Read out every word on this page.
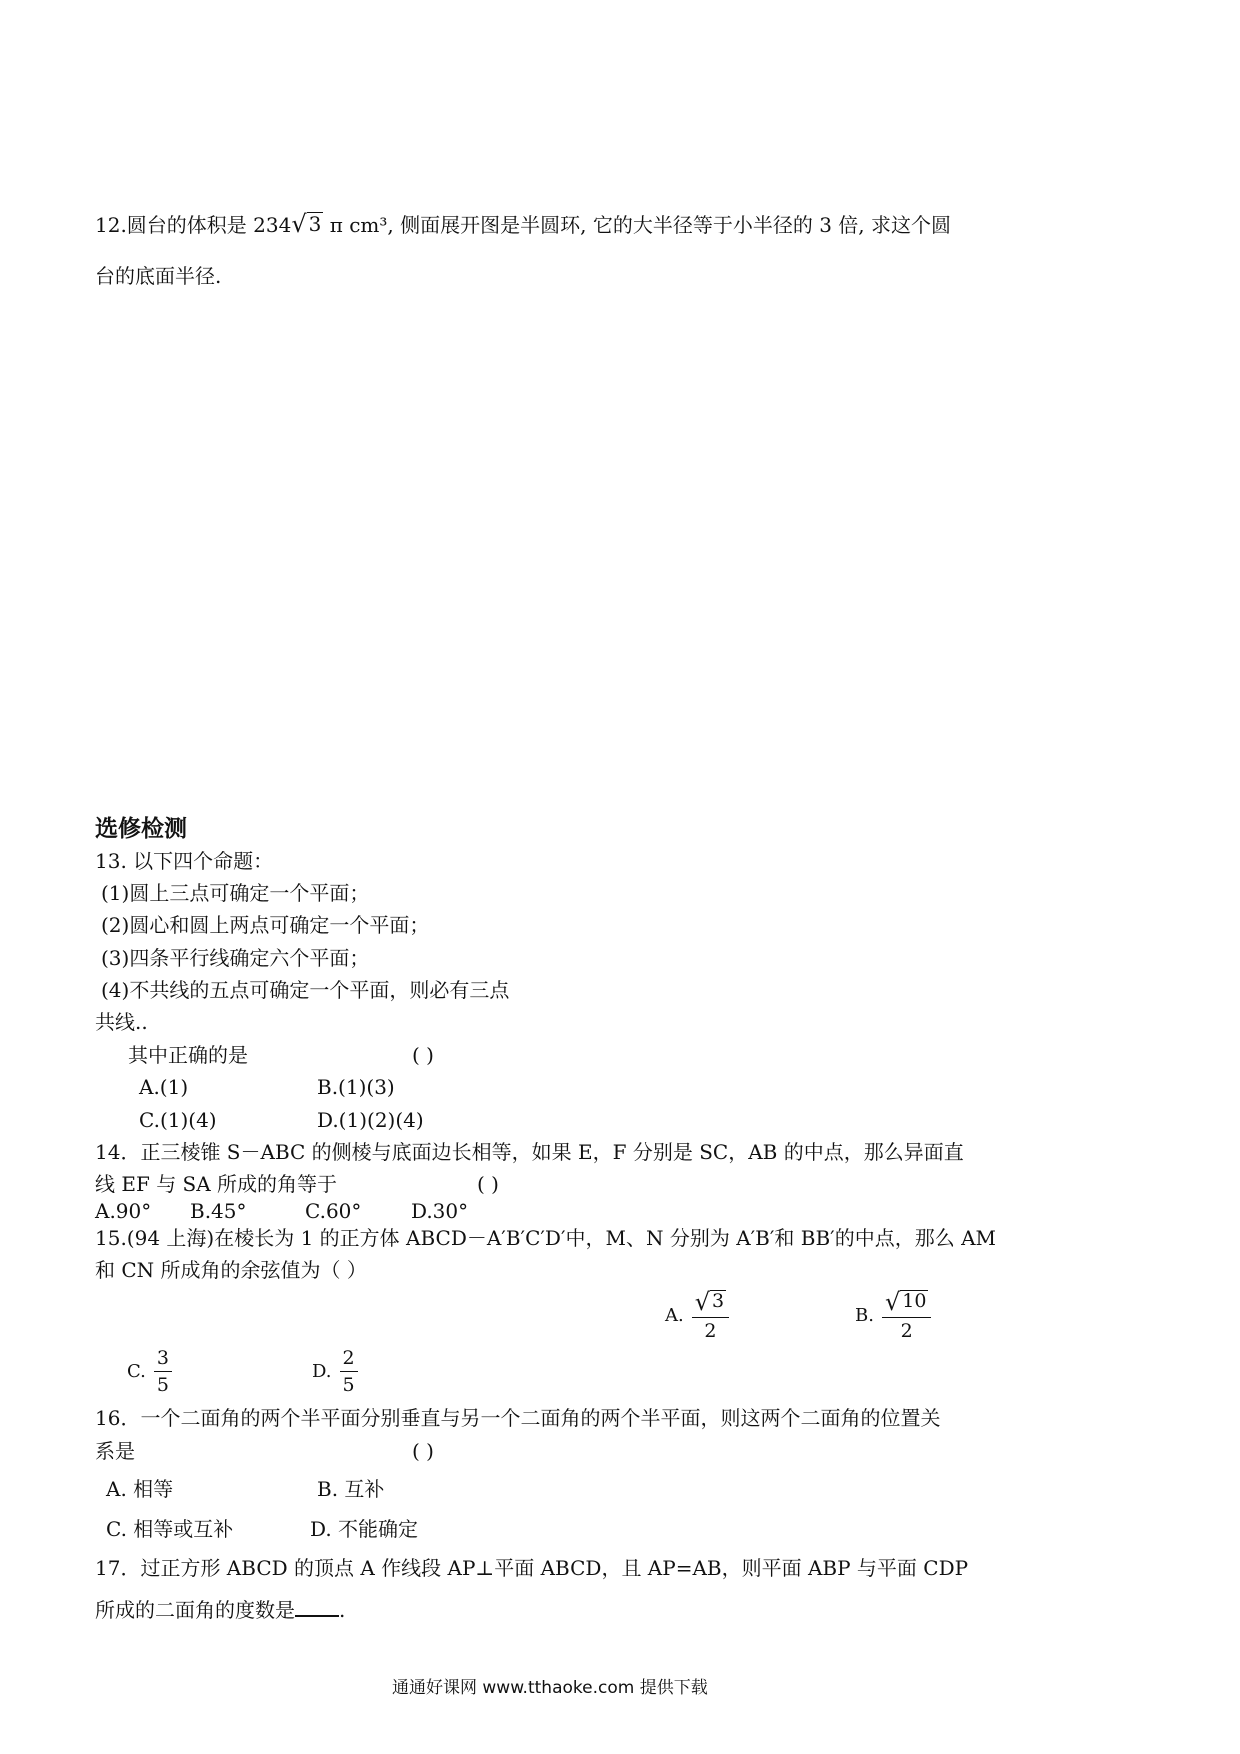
12.圆台的体积是 234 √ 3 π cm³, 侧面展开图是半圆环, 它的大半径等于小半径的 3 倍, 求这个圆
台的底面半径.
选修检测
13. 以下四个命题：
(1)圆上三点可确定一个平面；
(2)圆心和圆上两点可确定一个平面；
(3)四条平行线确定六个平面；
(4)不共线的五点可确定一个平面，则必有三点
共线..
其中正确的是	( )
A.(1)	B.(1)(3)
C.(1)(4)	D.(1)(2)(4)
14．正三棱锥 S－ABC 的侧棱与底面边长相等，如果 E，F 分别是 SC，AB 的中点，那么异面直
线 EF 与 SA 所成的角等于	( )
A.90° B.45°	C.60° D.30°
15.(94 上海)在棱长为 1 的正方体 ABCD－A′B′C′D′中，M、N 分别为 A′B′和 BB′的中点，那么 AM
和 CN 所成角的余弦值为（ ）
A. $\frac{√ 3}{2}$	B. $\frac{√ 10}{2}$
C. $\frac{3}{5}$	D. $\frac{2}{5}$
16．一个二面角的两个半平面分别垂直与另一个二面角的两个半平面，则这两个二面角的位置关
系是	( )
A. 相等	B. 互补
C. 相等或互补	D. 不能确定
17．过正方形 ABCD 的顶点 A 作线段 AP⊥平面 ABCD，且 AP=AB，则平面 ABP 与平面 CDP
所成的二面角的度数是 .
通通好课网 www.tthaoke.com 提供下载
